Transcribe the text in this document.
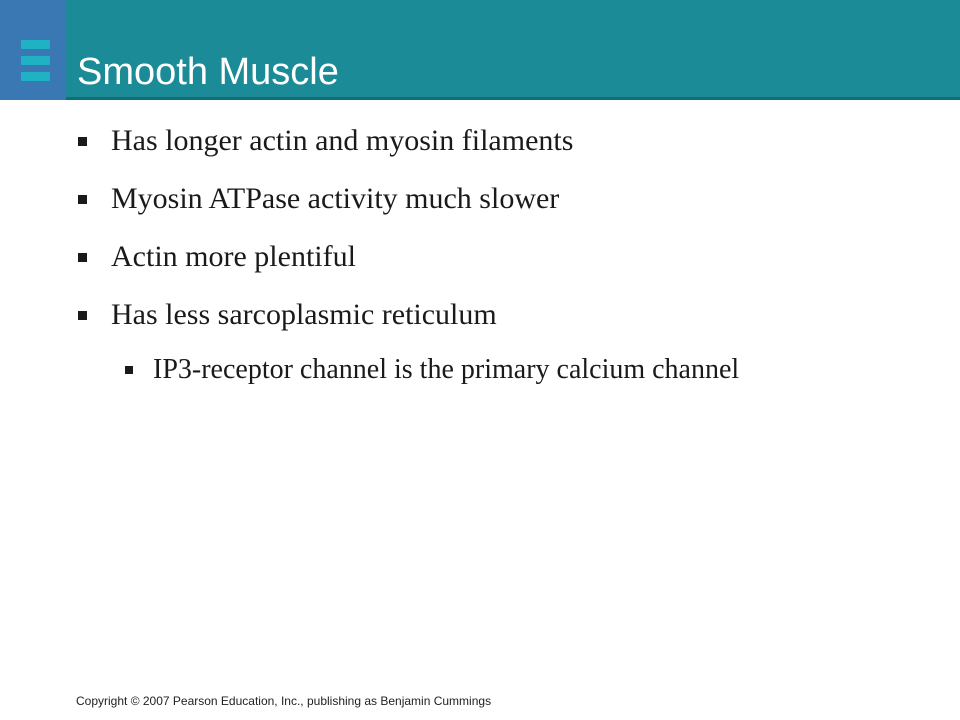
Smooth Muscle
Has longer actin and myosin filaments
Myosin ATPase activity much slower
Actin more plentiful
Has less sarcoplasmic reticulum
IP3-receptor channel is the primary calcium channel
Copyright © 2007 Pearson Education, Inc., publishing as Benjamin Cummings
